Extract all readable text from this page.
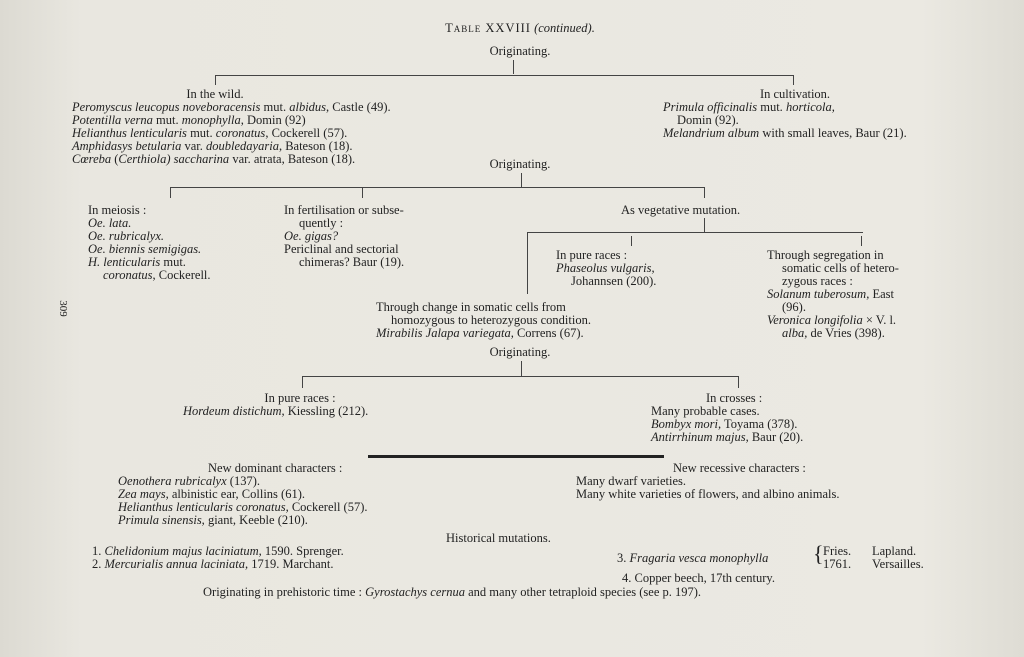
Table XXVIII (continued).
Originating.
In the wild.
Peromyscus leucopus noveboracensis mut. albidus, Castle (49).
Potentilla verna mut. monophylla, Domin (92)
Helianthus lenticularis mut. coronatus, Cockerell (57).
Amphidasys betularia var. doubledayaria, Bateson (18).
Cœreba (Certhiola) saccharina var. atrata, Bateson (18).
In cultivation.
Primula officinalis mut. horticola,
Domin (92).
Melandrium album with small leaves, Baur (21).
Originating.
In meiosis :
Oe. lata.
Oe. rubricalyx.
Oe. biennis semigigas.
H. lenticularis mut.
coronatus, Cockerell.
309
In fertilisation or subse-
quently :
Oe. gigas?
Periclinal and sectorial
chimeras? Baur (19).
As vegetative mutation.
In pure races :
Phaseolus vulgaris,
Johannsen (200).
Through segregation in
somatic cells of hetero-
zygous races :
Solanum tuberosum, East
(96).
Veronica longifolia × V. l.
alba, de Vries (398).
Through change in somatic cells from
homozygous to heterozygous condition.
Mirabilis Jalapa variegata, Correns (67).
Originating.
In pure races :
Hordeum distichum, Kiessling (212).
In crosses :
Many probable cases.
Bombyx mori, Toyama (378).
Antirrhinum majus, Baur (20).
New dominant characters :
Oenothera rubricalyx (137).
Zea mays, albinistic ear, Collins (61).
Helianthus lenticularis coronatus, Cockerell (57).
Primula sinensis, giant, Keeble (210).
New recessive characters :
Many dwarf varieties.
Many white varieties of flowers, and albino animals.
Historical mutations.
1. Chelidonium majus laciniatum, 1590. Sprenger.
2. Mercurialis annua laciniata, 1719. Marchant.	3. Fragaria vesca monophylla { Fries.
1761.
Lapland.
Versailles.
4. Copper beech, 17th century.
Originating in prehistoric time : Gyrostachys cernua and many other tetraploid species (see p. 197).
